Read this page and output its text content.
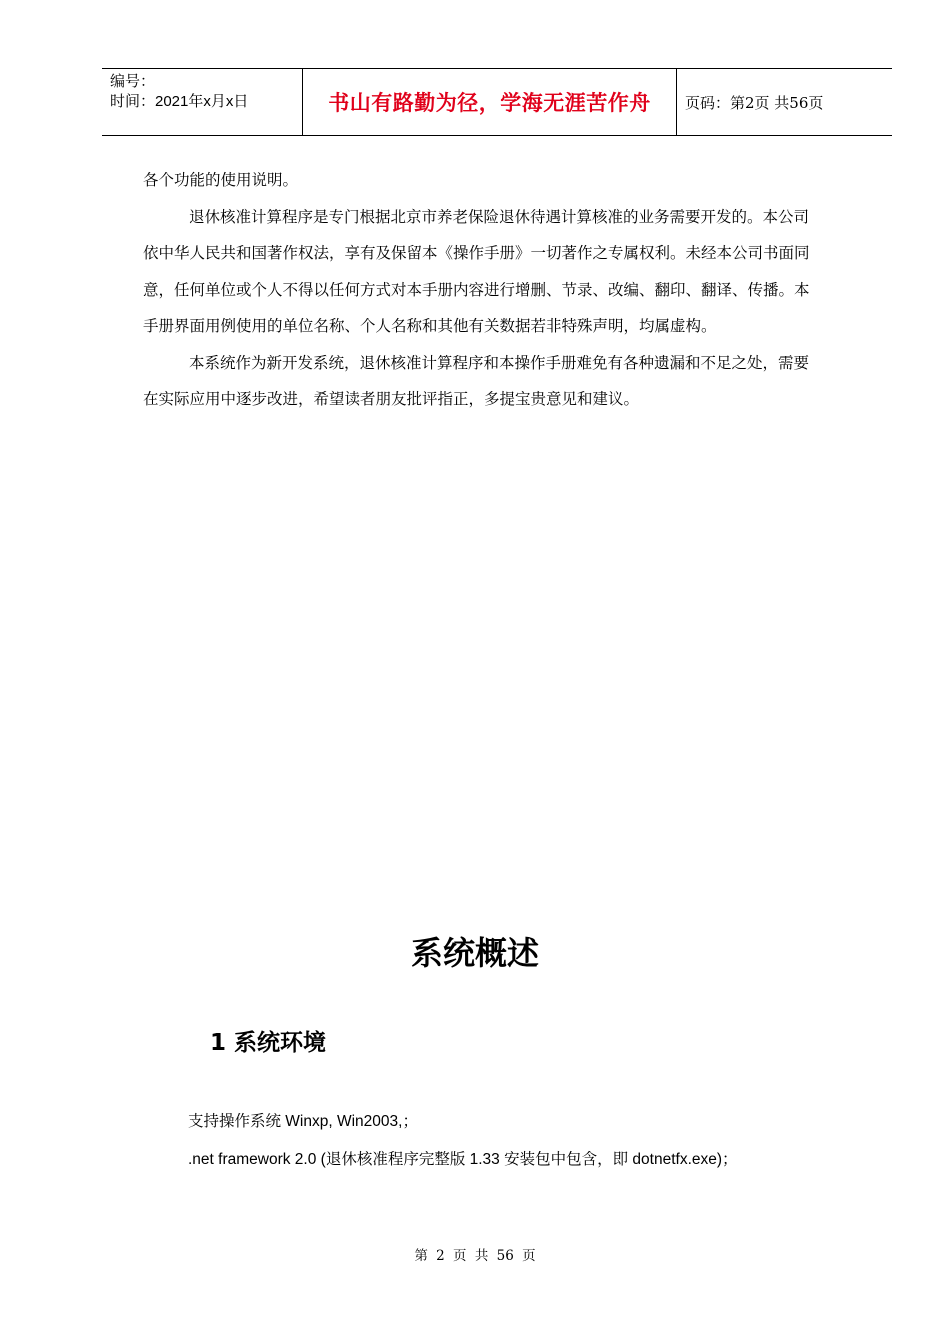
编号：
时间：2021年x月x日	书山有路勤为径，学海无涯苦作舟	页码：第2页 共56页

各个功能的使用说明。

退休核准计算程序是专门根据北京市养老保险退休待遇计算核准的业务需要开发的。本公司依中华人民共和国著作权法，享有及保留本《操作手册》一切著作之专属权利。未经本公司书面同意，任何单位或个人不得以任何方式对本手册内容进行增删、节录、改编、翻印、翻译、传播。本手册界面用例使用的单位名称、个人名称和其他有关数据若非特殊声明，均属虚构。

本系统作为新开发系统，退休核准计算程序和本操作手册难免有各种遗漏和不足之处，需要在实际应用中逐步改进，希望读者朋友批评指正，多提宝贵意见和建议。

系统概述
1 系统环境

支持操作系统 Winxp, Win2003,；

.net framework 2.0 (退休核准程序完整版 1.33 安装包中包含，即 dotnetfx.exe)；

第 2 页 共 56 页
